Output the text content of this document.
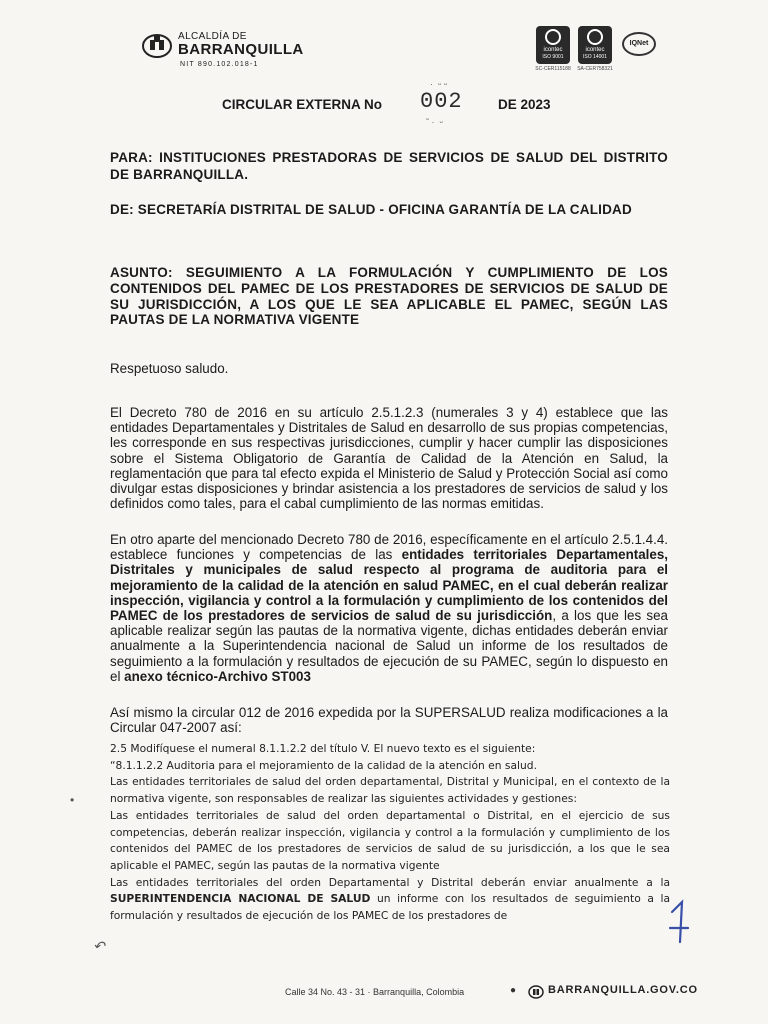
ALCALDÍA DE
BARRANQUILLA
NIT 890.102.018-1
icontec
ISO 9001
SC-CER115188
icontec
ISO 14001
SA-CER758321
IQNet
CIRCULAR EXTERNA No 002	DE 2023
·  ᵕ ᵕ
˜ ·  ᵕ
PARA: INSTITUCIONES PRESTADORAS DE SERVICIOS DE SALUD DEL DISTRITO DE BARRANQUILLA.
DE: SECRETARÍA DISTRITAL DE SALUD - OFICINA GARANTÍA DE LA CALIDAD
ASUNTO: SEGUIMIENTO A LA FORMULACIÓN Y CUMPLIMIENTO DE LOS CONTENIDOS DEL PAMEC DE LOS PRESTADORES DE SERVICIOS DE SALUD DE SU JURISDICCIÓN, A LOS QUE LE SEA APLICABLE EL PAMEC, SEGÚN LAS PAUTAS DE LA NORMATIVA VIGENTE
Respetuoso saludo.
El Decreto 780 de 2016 en su artículo 2.5.1.2.3 (numerales 3 y 4) establece que las entidades Departamentales y Distritales de Salud en desarrollo de sus propias competencias, les corresponde en sus respectivas jurisdicciones, cumplir y hacer cumplir las disposiciones sobre el Sistema Obligatorio de Garantía de Calidad de la Atención en Salud, la reglamentación que para tal efecto expida el Ministerio de Salud y Protección Social así como divulgar estas disposiciones y brindar asistencia a los prestadores de servicios de salud y los definidos como tales, para el cabal cumplimiento de las normas emitidas.
En otro aparte del mencionado Decreto 780 de 2016, específicamente en el artículo 2.5.1.4.4. establece funciones y competencias de las entidades territoriales Departamentales, Distritales y municipales de salud respecto al programa de auditoria para el mejoramiento de la calidad de la atención en salud PAMEC, en el cual deberán realizar inspección, vigilancia y control a la formulación y cumplimiento de los contenidos del PAMEC de los prestadores de servicios de salud de su jurisdicción, a los que les sea aplicable realizar según las pautas de la normativa vigente, dichas entidades deberán enviar anualmente a la Superintendencia nacional de Salud un informe de los resultados de seguimiento a la formulación y resultados de ejecución de su PAMEC, según lo dispuesto en el anexo técnico-Archivo ST003
Así mismo la circular 012 de 2016 expedida por la SUPERSALUD realiza modificaciones a la Circular 047-2007 así:
2.5 Modifíquese el numeral 8.1.1.2.2 del título V. El nuevo texto es el siguiente:
“8.1.1.2.2 Auditoria para el mejoramiento de la calidad de la atención en salud.
Las entidades territoriales de salud del orden departamental, Distrital y Municipal, en el contexto de la normativa vigente, son responsables de realizar las siguientes actividades y gestiones:
Las entidades territoriales de salud del orden departamental o Distrital, en el ejercicio de sus competencias, deberán realizar inspección, vigilancia y control a la formulación y cumplimiento de los contenidos del PAMEC de los prestadores de servicios de salud de su jurisdicción, a los que le sea aplicable el PAMEC, según las pautas de la normativa vigente
Las entidades territoriales del orden Departamental y Distrital deberán enviar anualmente a la SUPERINTENDENCIA NACIONAL DE SALUD un informe con los resultados de seguimiento a la formulación y resultados de ejecución de los PAMEC de los prestadores de
•
↶
Calle 34 No. 43 - 31 · Barranquilla, Colombia	●	BARRANQUILLA.GOV.CO
